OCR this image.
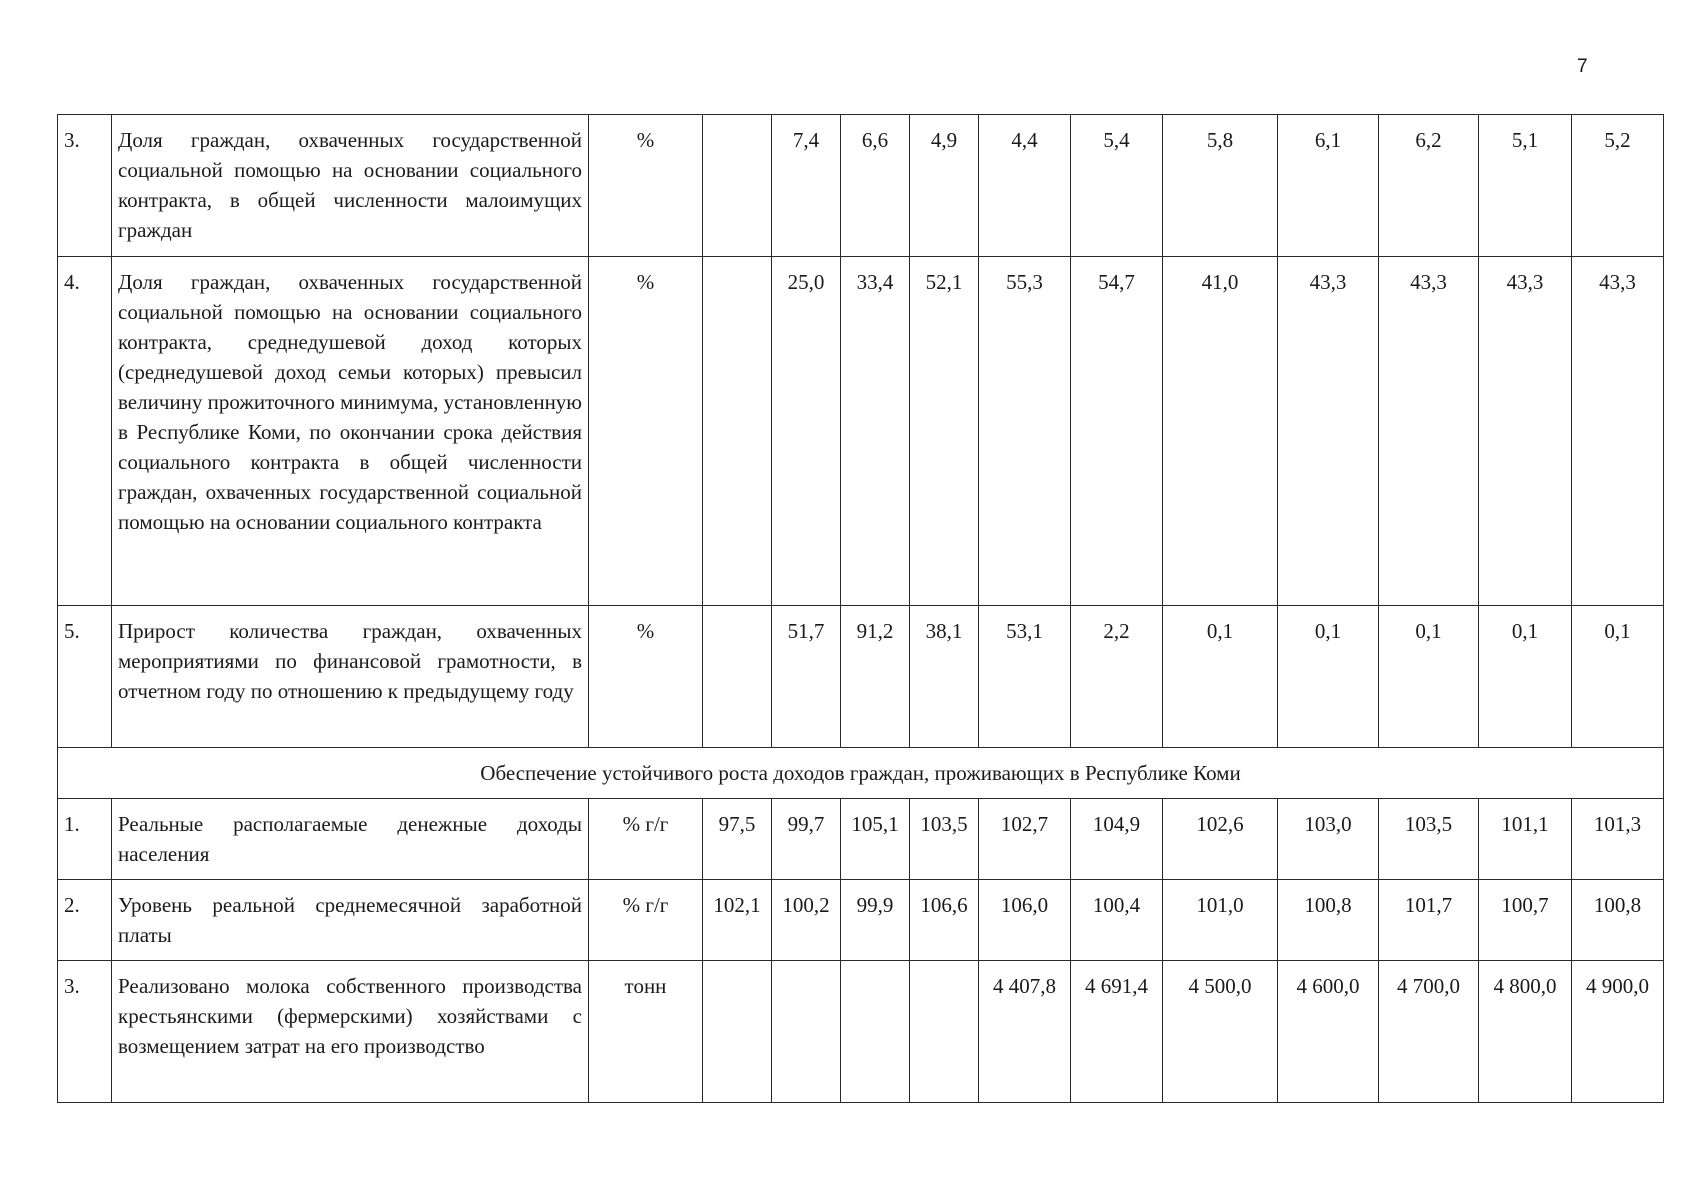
7
3.	Доля граждан, охваченных государственной социальной помощью на основании социального контракта, в общей численности малоимущих граждан	%		7,4	6,6	4,9	4,4	5,4	5,8	6,1	6,2	5,1	5,2
4.	Доля граждан, охваченных государственной социальной помощью на основании социального контракта, среднедушевой доход которых (среднедушевой доход семьи которых) превысил величину прожиточного минимума, установленную в Республике Коми, по окончании срока действия социального контракта в общей численности граждан, охваченных государственной социальной помощью на основании социального контракта	%		25,0	33,4	52,1	55,3	54,7	41,0	43,3	43,3	43,3	43,3
5.	Прирост количества граждан, охваченных мероприятиями по финансовой грамотности, в отчетном году по отношению к предыдущему году	%		51,7	91,2	38,1	53,1	2,2	0,1	0,1	0,1	0,1	0,1
Обеспечение устойчивого роста доходов граждан, проживающих в Республике Коми													
1.	Реальные располагаемые денежные доходы населения	% г/г	97,5	99,7	105,1	103,5	102,7	104,9	102,6	103,0	103,5	101,1	101,3
2.	Уровень реальной среднемесячной заработной платы	% г/г	102,1	100,2	99,9	106,6	106,0	100,4	101,0	100,8	101,7	100,7	100,8
3.	Реализовано молока собственного производства крестьянскими (фермерскими) хозяйствами с возмещением затрат на его производство	тонн					4 407,8	4 691,4	4 500,0	4 600,0	4 700,0	4 800,0	4 900,0
